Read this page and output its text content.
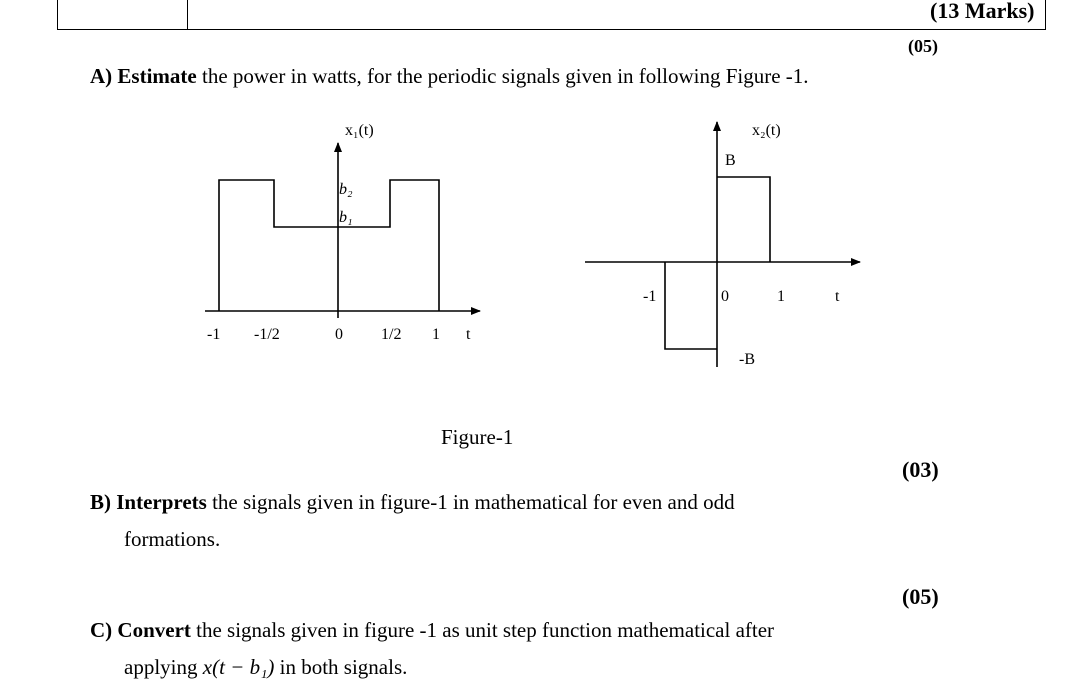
(13 Marks)
(05)
A) Estimate the power in watts, for the periodic signals given in following Figure -1.
x₁(t)
b₂
b₁
-1 -1/2	0 1/2 1 t
x₂(t)
B
-B
-1	0	1	t
Figure-1
(03)
B) Interprets the signals given in figure-1 in mathematical for even and odd
formations.
(05)
C) Convert the signals given in figure -1 as unit step function mathematical after
applying x(t − b₁) in both signals.
